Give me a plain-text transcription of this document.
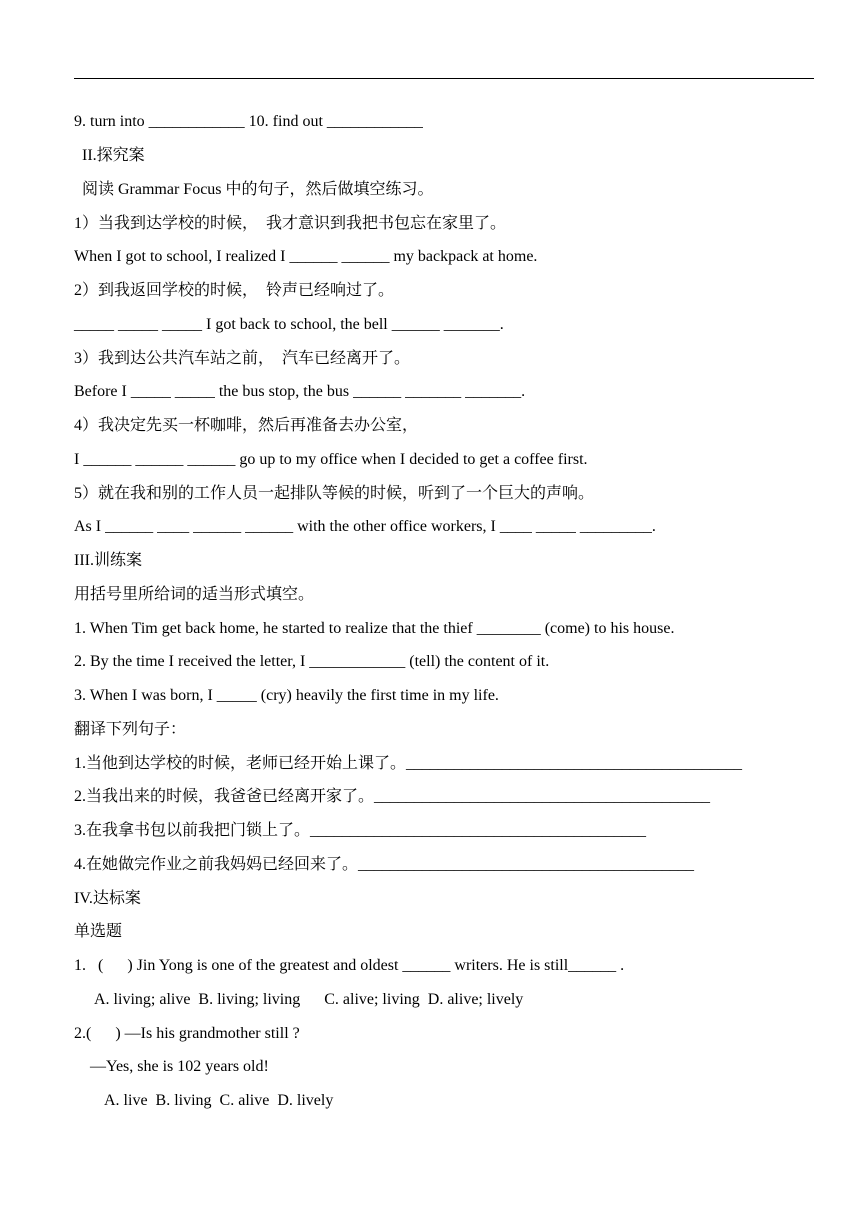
9. turn into ____________ 10. find out ____________
II.探究案
阅读 Grammar Focus 中的句子，然后做填空练习。
1）当我到达学校的时候，  我才意识到我把书包忘在家里了。
When I got to school, I realized I ______ ______ my backpack at home.
2）到我返回学校的时候，  铃声已经响过了。
_____ _____ _____ I got back to school, the bell ______ _______.
3）我到达公共汽车站之前，  汽车已经离开了。
Before I _____ _____ the bus stop, the bus ______ _______ _______.
4）我决定先买一杯咖啡，然后再准备去办公室，
I ______ ______ ______ go up to my office when I decided to get a coffee first.
5）就在我和别的工作人员一起排队等候的时候，听到了一个巨大的声响。
As I ______ ____ ______ ______ with the other office workers, I ____ _____ _________.
III.训练案
用括号里所给词的适当形式填空。
1. When Tim get back home, he started to realize that the thief ________ (come) to his house.
2. By the time I received the letter, I ____________ (tell) the content of it.
3. When I was born, I _____ (cry) heavily the first time in my life.
翻译下列句子：
1.当他到达学校的时候，老师已经开始上课了。__________________________________________
2.当我出来的时候，我爸爸已经离开家了。__________________________________________
3.在我拿书包以前我把门锁上了。__________________________________________
4.在她做完作业之前我妈妈已经回来了。__________________________________________
IV.达标案
单选题
1.   (      ) Jin Yong is one of the greatest and oldest ______ writers. He is still______ .
A. living; alive  B. living; living      C. alive; living  D. alive; lively
2.(      ) —Is his grandmother still ?
—Yes, she is 102 years old!
A. live  B. living  C. alive  D. lively
